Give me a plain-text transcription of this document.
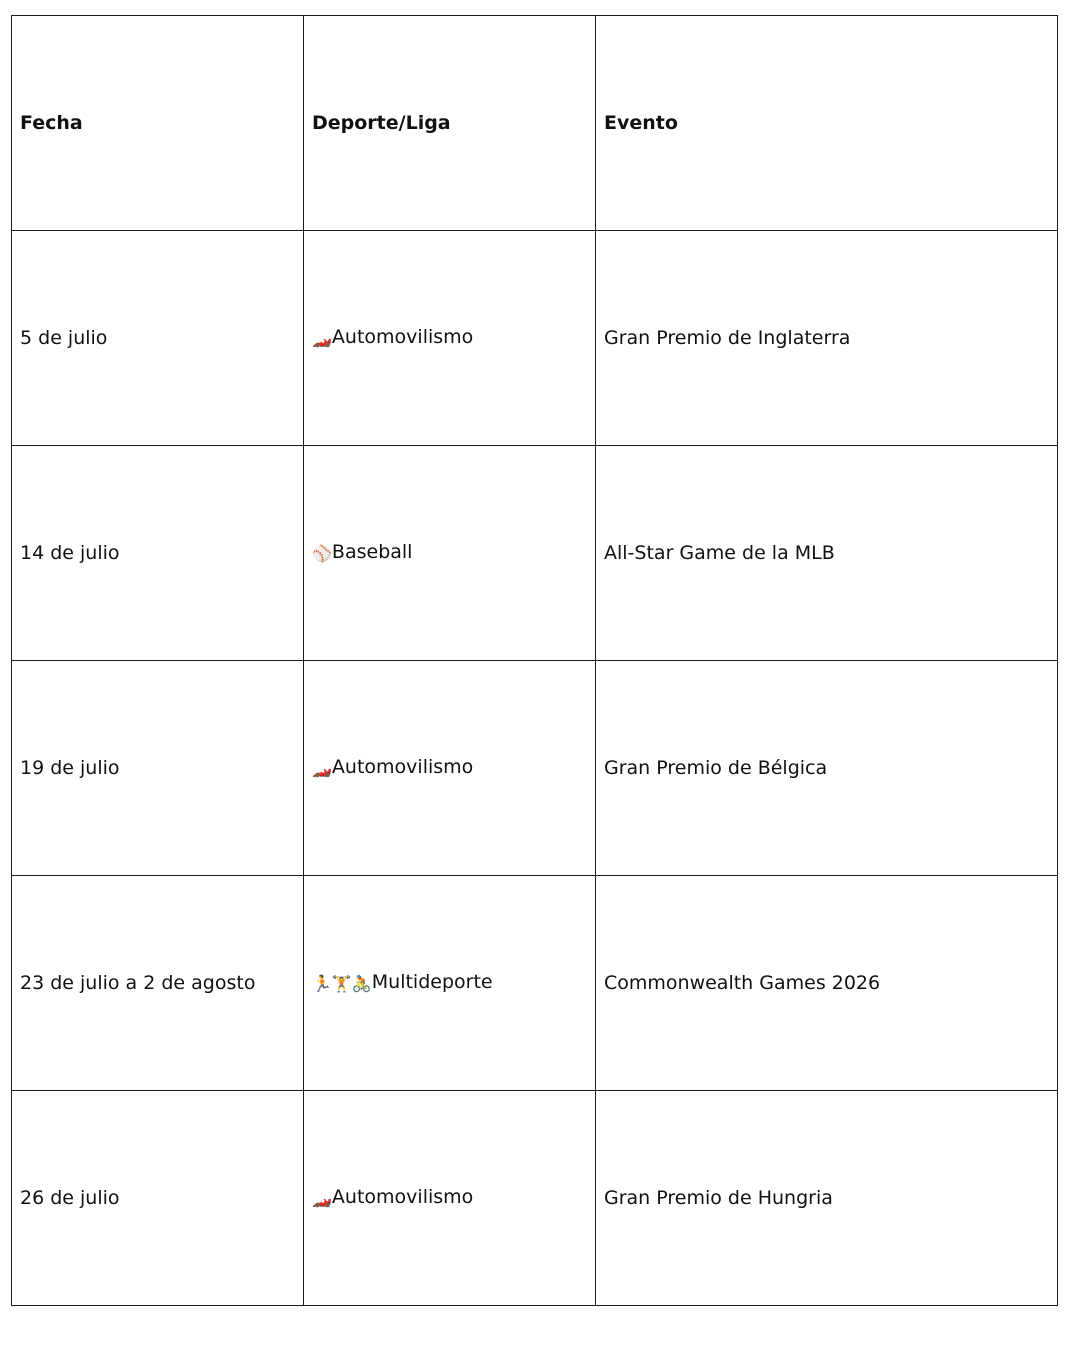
Fecha	Deporte/Liga	Evento
5 de julio	🏎️Automovilismo	Gran Premio de Inglaterra
14 de julio	⚾Baseball	All-Star Game de la MLB
19 de julio	🏎️Automovilismo	Gran Premio de Bélgica
23 de julio a 2 de agosto	🏃🏋️🚴Multideporte	Commonwealth Games 2026
26 de julio	🏎️Automovilismo	Gran Premio de Hungria
